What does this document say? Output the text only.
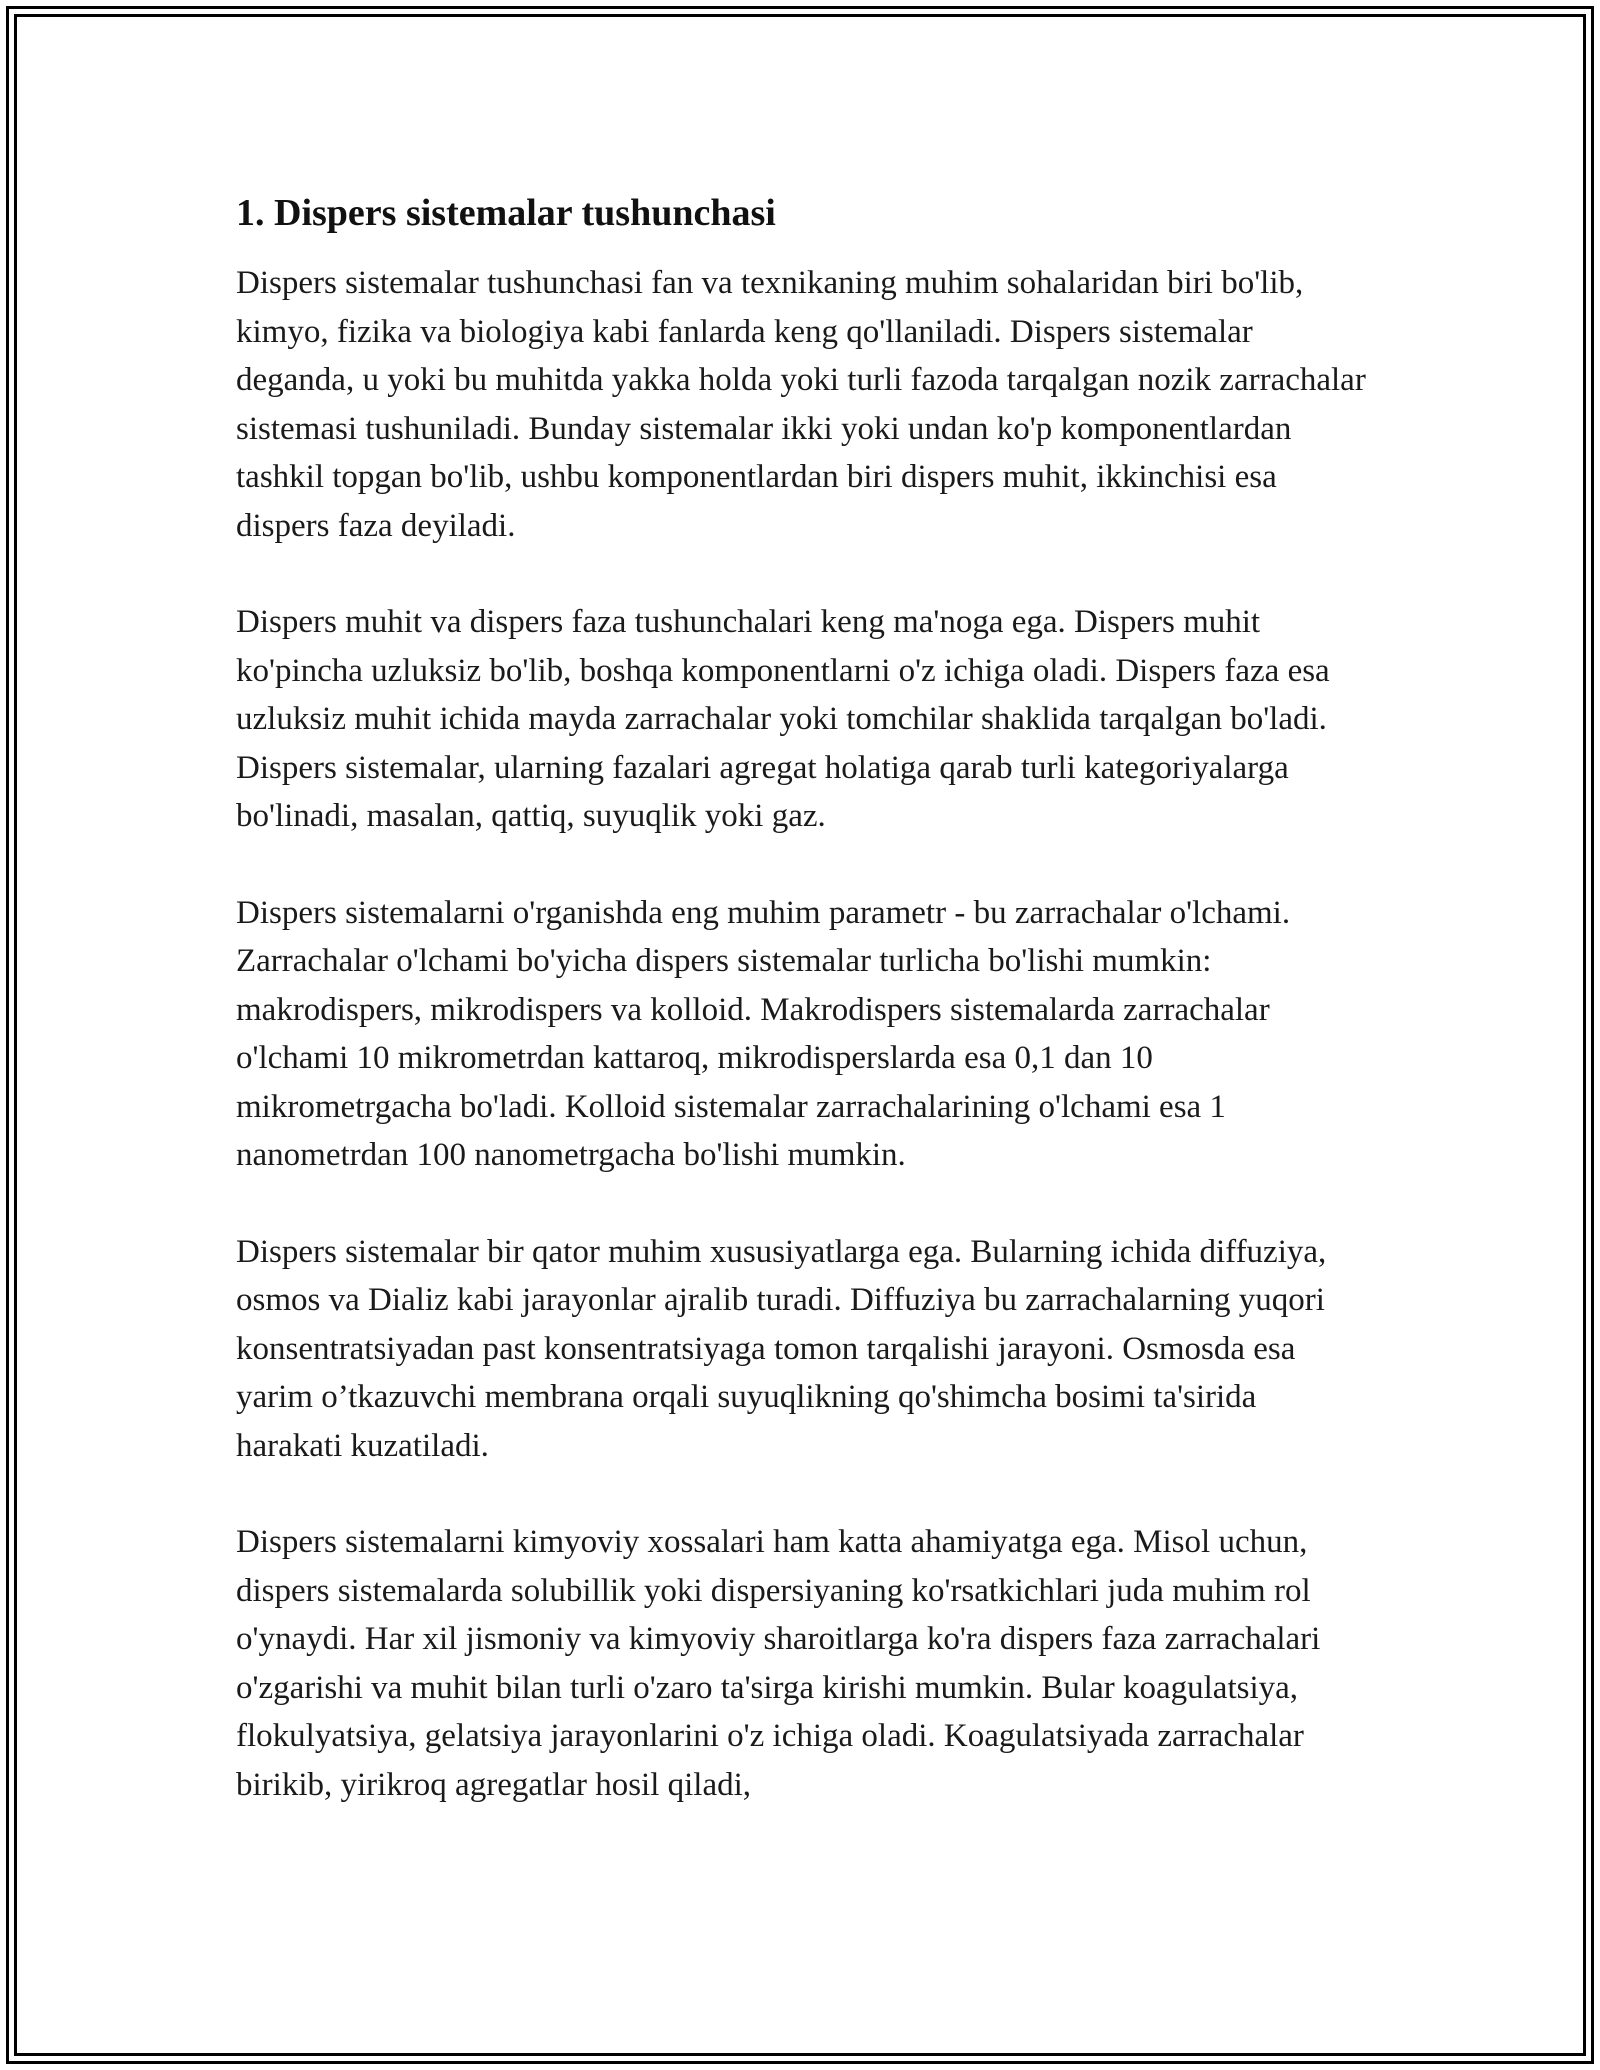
1. Dispers sistemalar tushunchasi

Dispers sistemalar tushunchasi fan va texnikaning muhim sohalaridan biri bo'lib, kimyo, fizika va biologiya kabi fanlarda keng qo'llaniladi. Dispers sistemalar deganda, u yoki bu muhitda yakka holda yoki turli fazoda tarqalgan nozik zarrachalar sistemasi tushuniladi. Bunday sistemalar ikki yoki undan ko'p komponentlardan tashkil topgan bo'lib, ushbu komponentlardan biri dispers muhit, ikkinchisi esa dispers faza deyiladi.

Dispers muhit va dispers faza tushunchalari keng ma'noga ega. Dispers muhit ko'pincha uzluksiz bo'lib, boshqa komponentlarni o'z ichiga oladi. Dispers faza esa uzluksiz muhit ichida mayda zarrachalar yoki tomchilar shaklida tarqalgan bo'ladi. Dispers sistemalar, ularning fazalari agregat holatiga qarab turli kategoriyalarga bo'linadi, masalan, qattiq, suyuqlik yoki gaz.

Dispers sistemalarni o'rganishda eng muhim parametr - bu zarrachalar o'lchami. Zarrachalar o'lchami bo'yicha dispers sistemalar turlicha bo'lishi mumkin: makrodispers, mikrodispers va kolloid. Makrodispers sistemalarda zarrachalar o'lchami 10 mikrometrdan kattaroq, mikrodisperslarda esa 0,1 dan 10 mikrometrgacha bo'ladi. Kolloid sistemalar zarrachalarining o'lchami esa 1 nanometrdan 100 nanometrgacha bo'lishi mumkin.

Dispers sistemalar bir qator muhim xususiyatlarga ega. Bularning ichida diffuziya, osmos va Dializ kabi jarayonlar ajralib turadi. Diffuziya bu zarrachalarning yuqori konsentratsiyadan past konsentratsiyaga tomon tarqalishi jarayoni. Osmosda esa yarim o’tkazuvchi membrana orqali suyuqlikning qo'shimcha bosimi ta'sirida harakati kuzatiladi.

Dispers sistemalarni kimyoviy xossalari ham katta ahamiyatga ega. Misol uchun, dispers sistemalarda solubillik yoki dispersiyaning ko'rsatkichlari juda muhim rol o'ynaydi. Har xil jismoniy va kimyoviy sharoitlarga ko'ra dispers faza zarrachalari o'zgarishi va muhit bilan turli o'zaro ta'sirga kirishi mumkin. Bular koagulatsiya, flokulyatsiya, gelatsiya jarayonlarini o'z ichiga oladi. Koagulatsiyada zarrachalar birikib, yirikroq agregatlar hosil qiladi,
